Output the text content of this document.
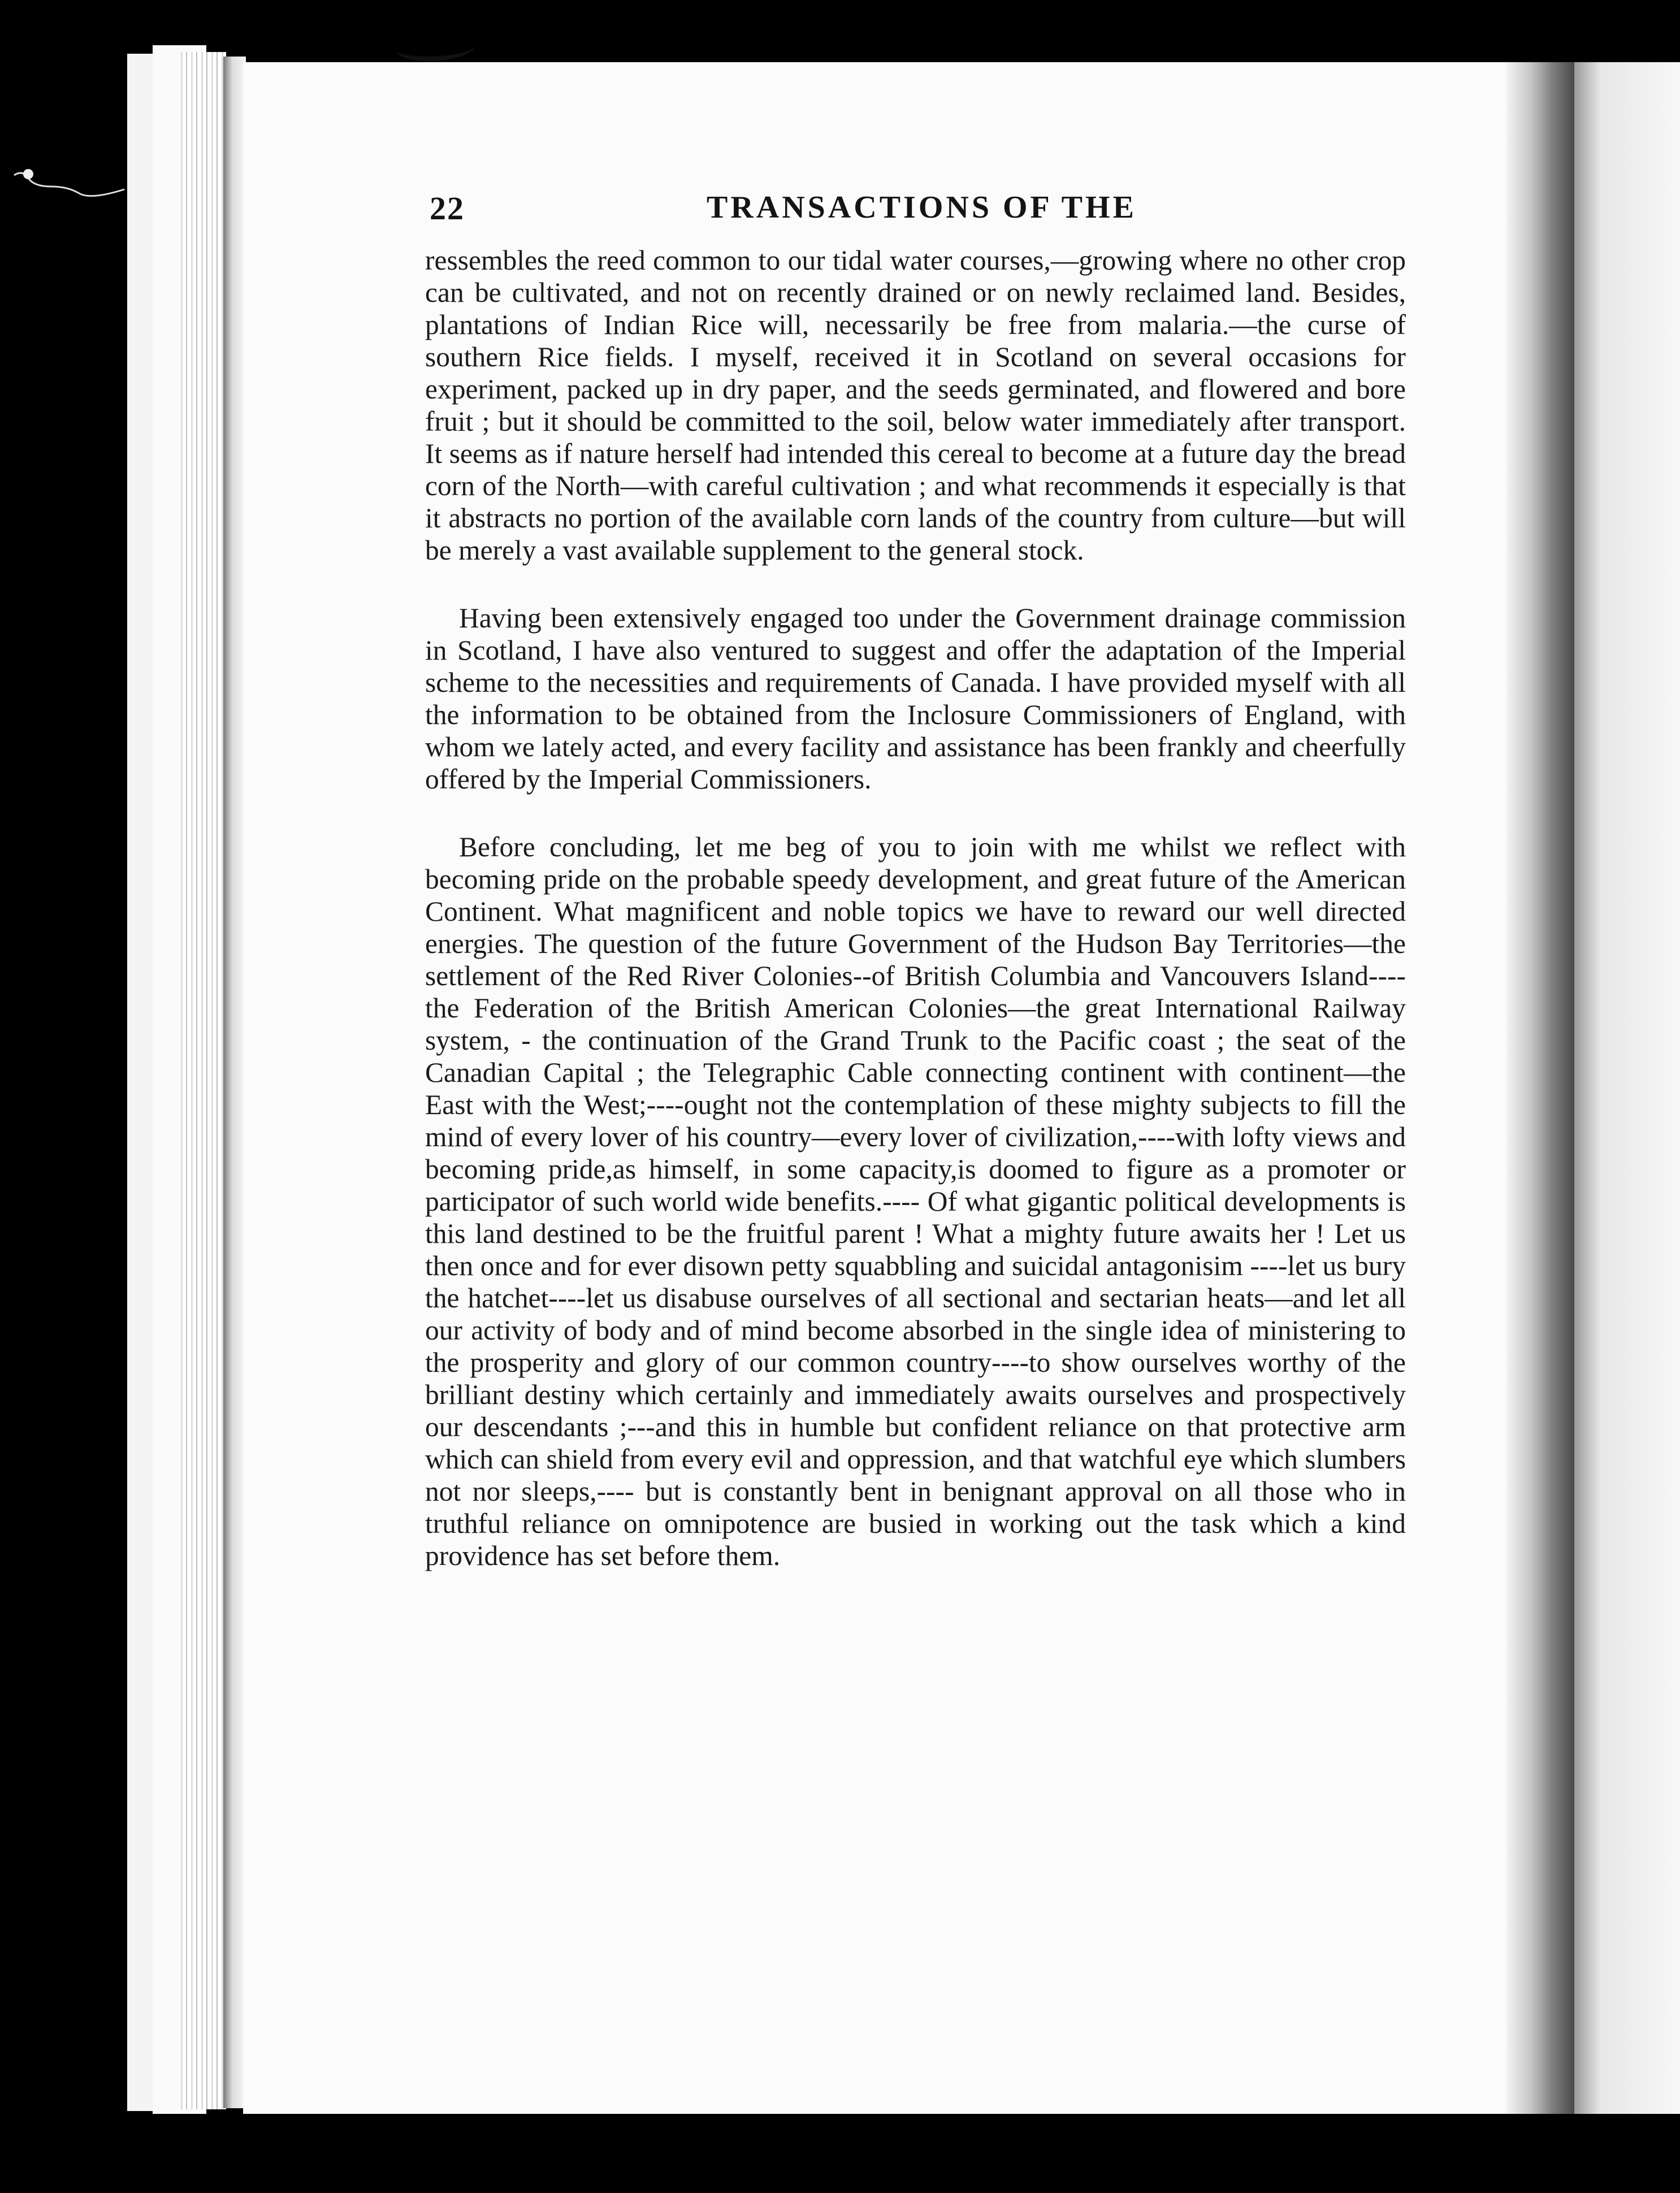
22	TRANSACTIONS OF THE

ressembles the reed common to our tidal water courses,—growing where no other crop can be cultivated, and not on recently drained or on newly reclaimed land. Besides, plantations of Indian Rice will, necessarily be free from malaria.—the curse of southern Rice fields. I myself, received it in Scotland on several occasions for experiment, packed up in dry paper, and the seeds germinated, and flowered and bore fruit ; but it should be committed to the soil, below water immediately after transport. It seems as if nature herself had intended this cereal to become at a future day the bread corn of the North—with careful cultivation ; and what recommends it especially is that it abstracts no portion of the available corn lands of the country from culture—but will be merely a vast available supplement to the general stock.

Having been extensively engaged too under the Government drainage commission in Scotland, I have also ventured to suggest and offer the adaptation of the Imperial scheme to the necessities and requirements of Canada. I have provided myself with all the information to be obtained from the Inclosure Commissioners of England, with whom we lately acted, and every facility and assistance has been frankly and cheerfully offered by the Imperial Commissioners.

Before concluding, let me beg of you to join with me whilst we reflect with becoming pride on the probable speedy development, and great future of the American Continent. What magnificent and noble topics we have to reward our well directed energies. The question of the future Government of the Hudson Bay Territories—the settlement of the Red River Colonies--of British Columbia and Vancouvers Island----the Federation of the British American Colonies—the great International Railway system, - the continuation of the Grand Trunk to the Pacific coast ; the seat of the Canadian Capital ; the Telegraphic Cable connecting continent with continent—the East with the West;----ought not the contemplation of these mighty subjects to fill the mind of every lover of his country—every lover of civilization,----with lofty views and becoming pride,as himself, in some capacity,is doomed to figure as a promoter or participator of such world wide benefits.---- Of what gigantic political developments is this land destined to be the fruitful parent ! What a mighty future awaits her ! Let us then once and for ever disown petty squabbling and suicidal antagonisim ----let us bury the hatchet----let us disabuse ourselves of all sectional and sectarian heats—and let all our activity of body and of mind become absorbed in the single idea of ministering to the prosperity and glory of our common country----to show ourselves worthy of the brilliant destiny which certainly and immediately awaits ourselves and prospectively our descendants ;---and this in humble but confident reliance on that protective arm which can shield from every evil and oppression, and that watchful eye which slumbers not nor sleeps,---- but is constantly bent in benignant approval on all those who in truthful reliance on omnipotence are busied in working out the task which a kind providence has set before them.
